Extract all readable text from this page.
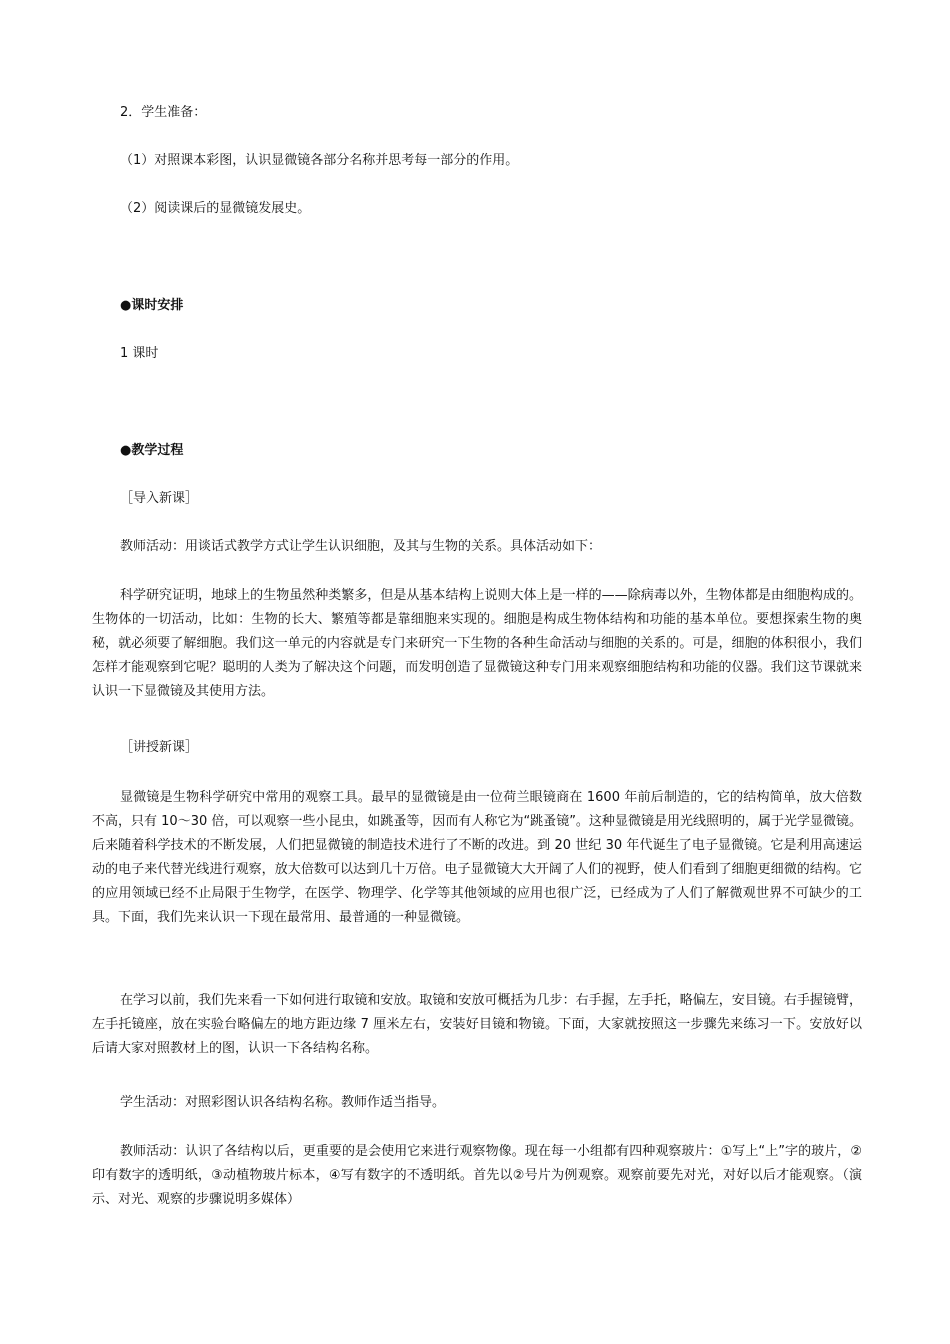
2．学生准备：

（1）对照课本彩图，认识显微镜各部分名称并思考每一部分的作用。

（2）阅读课后的显微镜发展史。

●课时安排

1 课时

●教学过程

［导入新课］

教师活动：用谈话式教学方式让学生认识细胞，及其与生物的关系。具体活动如下：

科学研究证明，地球上的生物虽然种类繁多，但是从基本结构上说则大体上是一样的——除病毒以外，生物体都是由细胞构成的。生物体的一切活动，比如：生物的长大、繁殖等都是靠细胞来实现的。细胞是构成生物体结构和功能的基本单位。要想探索生物的奥秘，就必须要了解细胞。我们这一单元的内容就是专门来研究一下生物的各种生命活动与细胞的关系的。可是，细胞的体积很小，我们怎样才能观察到它呢？聪明的人类为了解决这个问题，而发明创造了显微镜这种专门用来观察细胞结构和功能的仪器。我们这节课就来认识一下显微镜及其使用方法。

［讲授新课］

显微镜是生物科学研究中常用的观察工具。最早的显微镜是由一位荷兰眼镜商在 1600 年前后制造的，它的结构简单，放大倍数不高，只有 10～30 倍，可以观察一些小昆虫，如跳蚤等，因而有人称它为“跳蚤镜”。这种显微镜是用光线照明的，属于光学显微镜。后来随着科学技术的不断发展，人们把显微镜的制造技术进行了不断的改进。到 20 世纪 30 年代诞生了电子显微镜。它是利用高速运动的电子来代替光线进行观察，放大倍数可以达到几十万倍。电子显微镜大大开阔了人们的视野，使人们看到了细胞更细微的结构。它的应用领域已经不止局限于生物学，在医学、物理学、化学等其他领域的应用也很广泛，已经成为了人们了解微观世界不可缺少的工具。下面，我们先来认识一下现在最常用、最普通的一种显微镜。

在学习以前，我们先来看一下如何进行取镜和安放。取镜和安放可概括为几步：右手握，左手托，略偏左，安目镜。右手握镜臂，左手托镜座，放在实验台略偏左的地方距边缘 7 厘米左右，安装好目镜和物镜。下面，大家就按照这一步骤先来练习一下。安放好以后请大家对照教材上的图，认识一下各结构名称。

学生活动：对照彩图认识各结构名称。教师作适当指导。

教师活动：认识了各结构以后，更重要的是会使用它来进行观察物像。现在每一小组都有四种观察玻片：①写上“上”字的玻片，②印有数字的透明纸，③动植物玻片标本，④写有数字的不透明纸。首先以②号片为例观察。观察前要先对光，对好以后才能观察。（演示、对光、观察的步骤说明多媒体）
